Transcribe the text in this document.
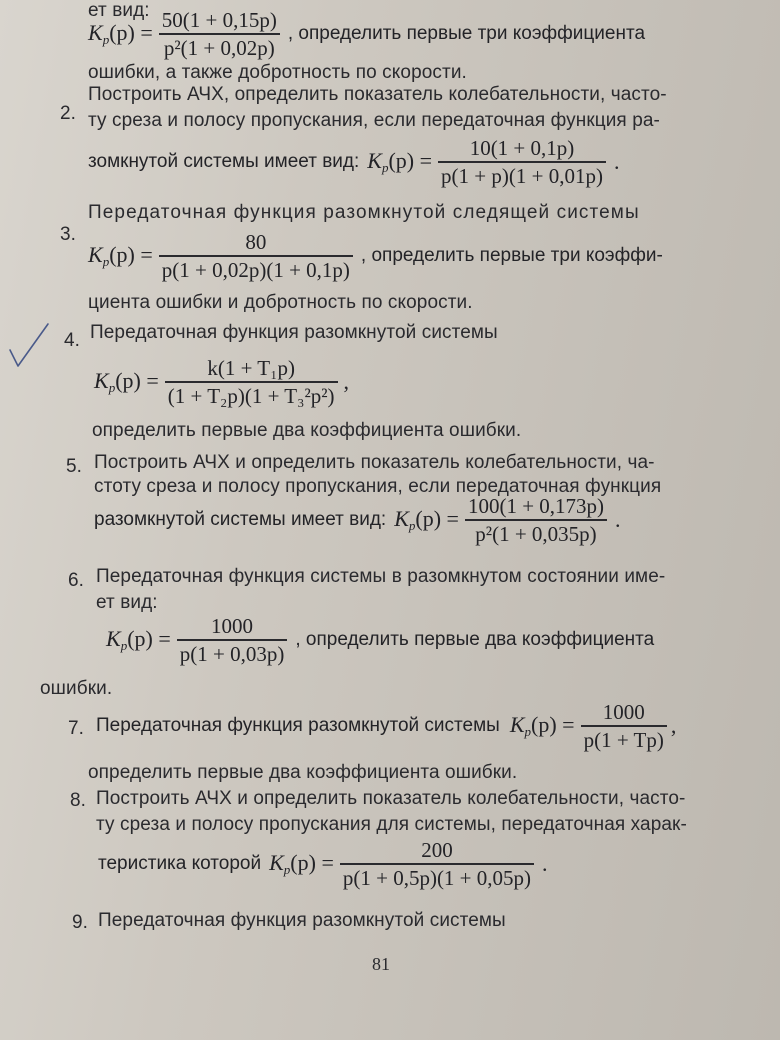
ет вид:
$K_p(p) = \frac{50(1 + 0,15p)}{\text{p²(1 + 0,02p)}}$ , определить первые три коэффициента
ошибки, а также добротность по скорости.
2.
Построить АЧХ, определить показатель колебательности, часто-
ту среза и полосу пропускания, если передаточная функция ра-
зомкнутой системы имеет вид: $K_p(p) = \frac{10(1 + 0,1p)}{p(1 + p)(1 + 0,01p)}$ .
3.
Передаточная функция разомкнутой следящей системы
$K_p(p) = \frac{80}{p(1 + 0,02p)(1 + 0,1p)}$ , определить первые три коэффи-
циента ошибки и добротность по скорости.
4. Передаточная функция разомкнутой системы
$K_p(p) = \frac{\text{k(1 + T₁p)}}{\text{(1 + T₂p)(1 + T₃²p²)}}$ ,
определить первые два коэффициента ошибки.
5. Построить АЧХ и определить показатель колебательности, ча-
стоту среза и полосу пропускания, если передаточная функция
разомкнутой системы имеет вид: $K_p(p) = \frac{100(1 + 0,173p)}{\text{p²(1 + 0,035p)}}$ .
6. Передаточная функция системы в разомкнутом состоянии име-
ет вид:
$K_p(p) = \frac{1000}{p(1 + 0,03p)}$ , определить первые два коэффициента
ошибки.
7. Передаточная функция разомкнутой системы $K_p(p) = \frac{1000}{p(1 + Tp)}$ ,
определить первые два коэффициента ошибки.
8. Построить АЧХ и определить показатель колебательности, часто-
ту среза и полосу пропускания для системы, передаточная харак-
теристика которой $K_p(p) = \frac{200}{p(1 + 0,5p)(1 + 0,05p)}$ .
9. Передаточная функция разомкнутой системы
81
